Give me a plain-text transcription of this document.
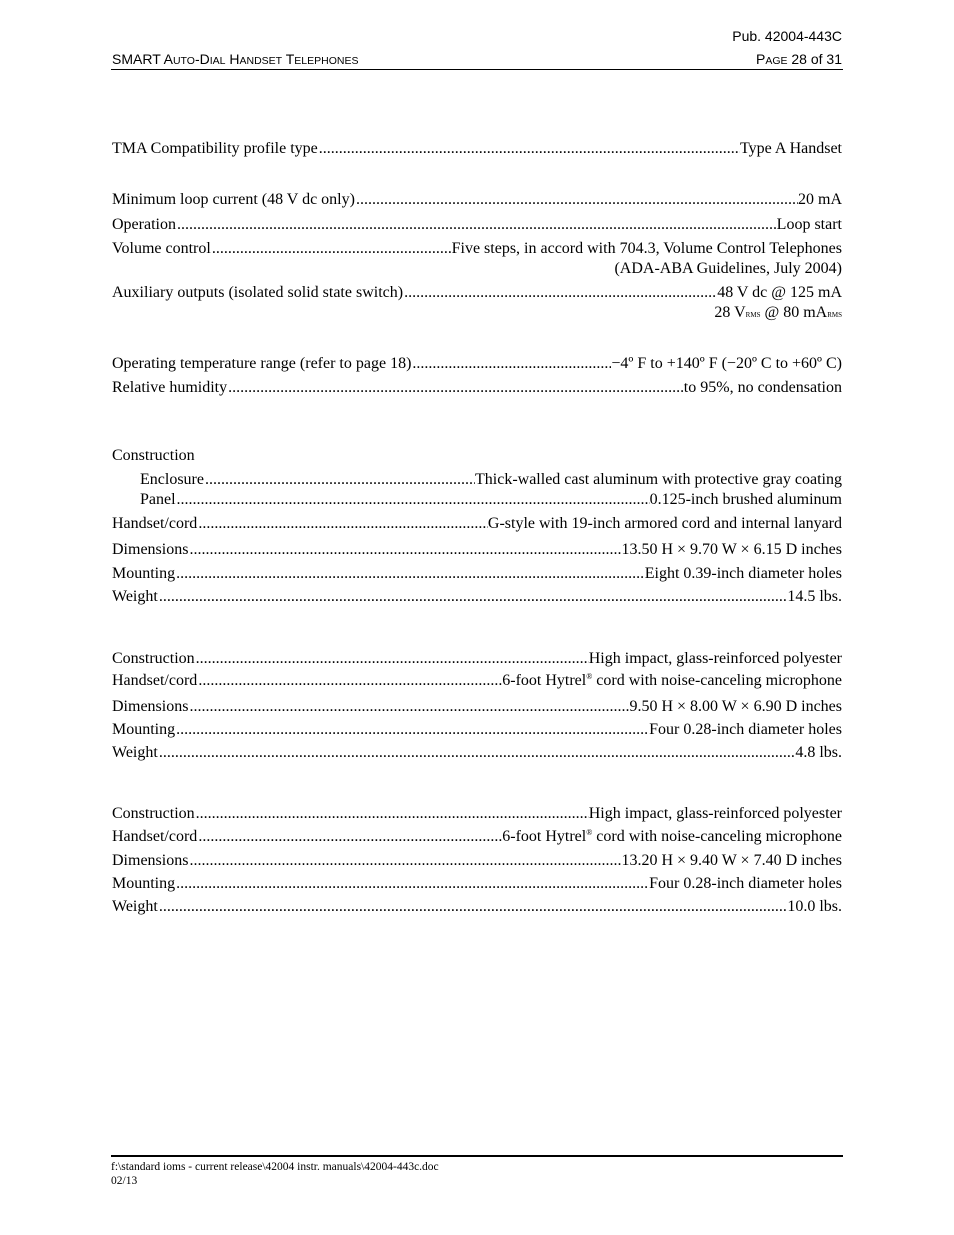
Pub. 42004-443C
SMART AUTO-DIAL HANDSET TELEPHONES	PAGE 28 of 31
TMA Compatibility profile type .....	Type A Handset
Minimum loop current (48 V dc only) .....	20 mA
Operation .....	Loop start
Volume control .....	Five steps, in accord with 704.3, Volume Control Telephones
(ADA-ABA Guidelines, July 2004)
Auxiliary outputs (isolated solid state switch) .....	48 V dc @ 125 mA
28 VRMS @ 80 mARMS
Operating temperature range (refer to page 18) .....	−4º F to +140º F (−20º C to +60º C)
Relative humidity .....	to 95%, no condensation
Construction
Enclosure .....	Thick-walled cast aluminum with protective gray coating
Panel .....	0.125-inch brushed aluminum
Handset/cord .....	G-style with 19-inch armored cord and internal lanyard
Dimensions .....	13.50 H × 9.70 W × 6.15 D inches
Mounting .....	Eight 0.39-inch diameter holes
Weight .....	14.5 lbs.
Construction .....	High impact, glass-reinforced polyester
Handset/cord .....	6-foot Hytrel® cord with noise-canceling microphone
Dimensions .....	9.50 H × 8.00 W × 6.90 D inches
Mounting .....	Four 0.28-inch diameter holes
Weight .....	4.8 lbs.
Construction .....	High impact, glass-reinforced polyester
Handset/cord .....	6-foot Hytrel® cord with noise-canceling microphone
Dimensions .....	13.20 H × 9.40 W × 7.40 D inches
Mounting .....	Four 0.28-inch diameter holes
Weight .....	10.0 lbs.
f:\standard ioms - current release\42004 instr. manuals\42004-443c.doc
02/13
